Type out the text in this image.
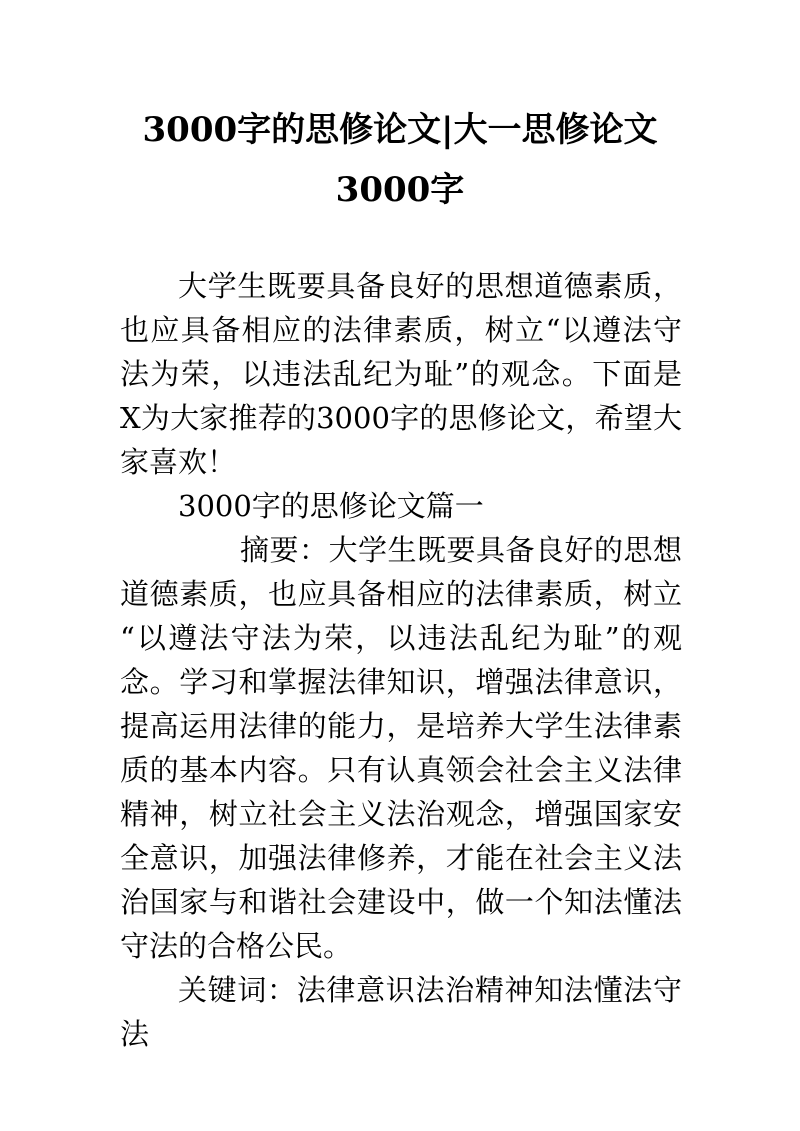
3000字的思修论文|大一思修论文
3000字
大学生既要具备良好的思想道德素质，
也应具备相应的法律素质，树立“以遵法守
法为荣，以违法乱纪为耻”的观念。下面是
X为大家推荐的3000字的思修论文，希望大
家喜欢！
3000字的思修论文篇一
摘要：大学生既要具备良好的思想
道德素质，也应具备相应的法律素质，树立
“以遵法守法为荣，以违法乱纪为耻”的观
念。学习和掌握法律知识，增强法律意识，
提高运用法律的能力，是培养大学生法律素
质的基本内容。只有认真领会社会主义法律
精神，树立社会主义法治观念，增强国家安
全意识，加强法律修养，才能在社会主义法
治国家与和谐社会建设中，做一个知法懂法
守法的合格公民。
关键词：法律意识法治精神知法懂法守
法
